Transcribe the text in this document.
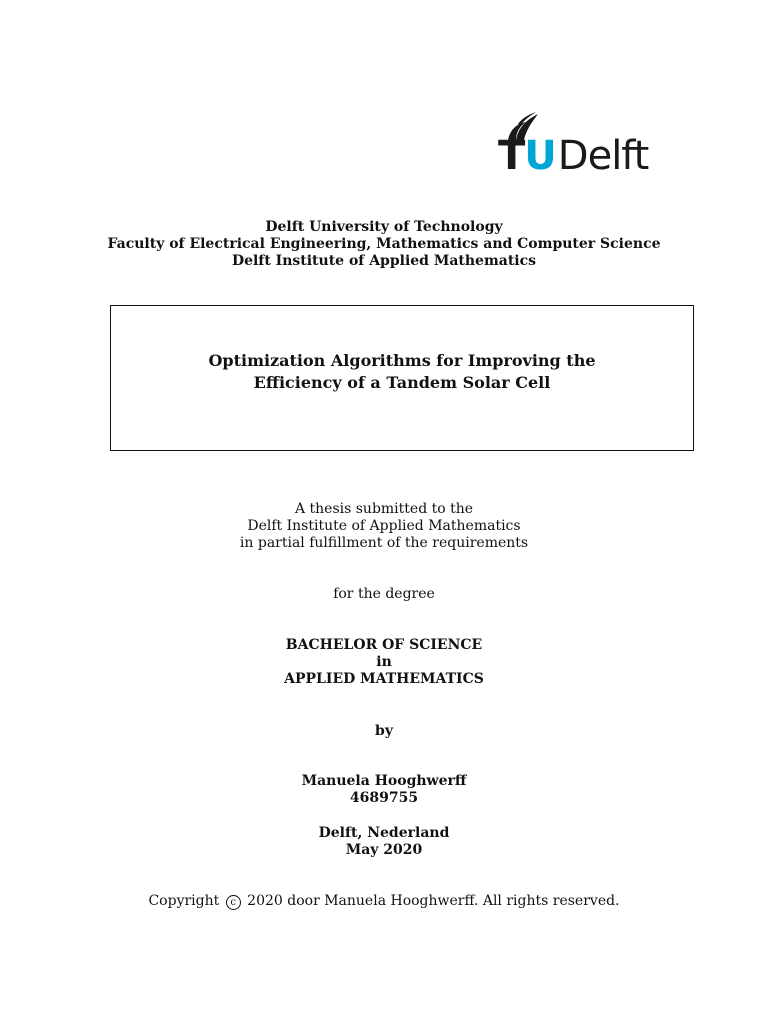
TUDelft
Delft University of Technology
Faculty of Electrical Engineering, Mathematics and Computer Science
Delft Institute of Applied Mathematics
Optimization Algorithms for Improving the
Efficiency of a Tandem Solar Cell
A thesis submitted to the
Delft Institute of Applied Mathematics
in partial fulfillment of the requirements
for the degree
BACHELOR OF SCIENCE
in
APPLIED MATHEMATICS
by
Manuela Hooghwerff
4689755
Delft, Nederland
May 2020
Copyright c 2020 door Manuela Hooghwerff. All rights reserved.
